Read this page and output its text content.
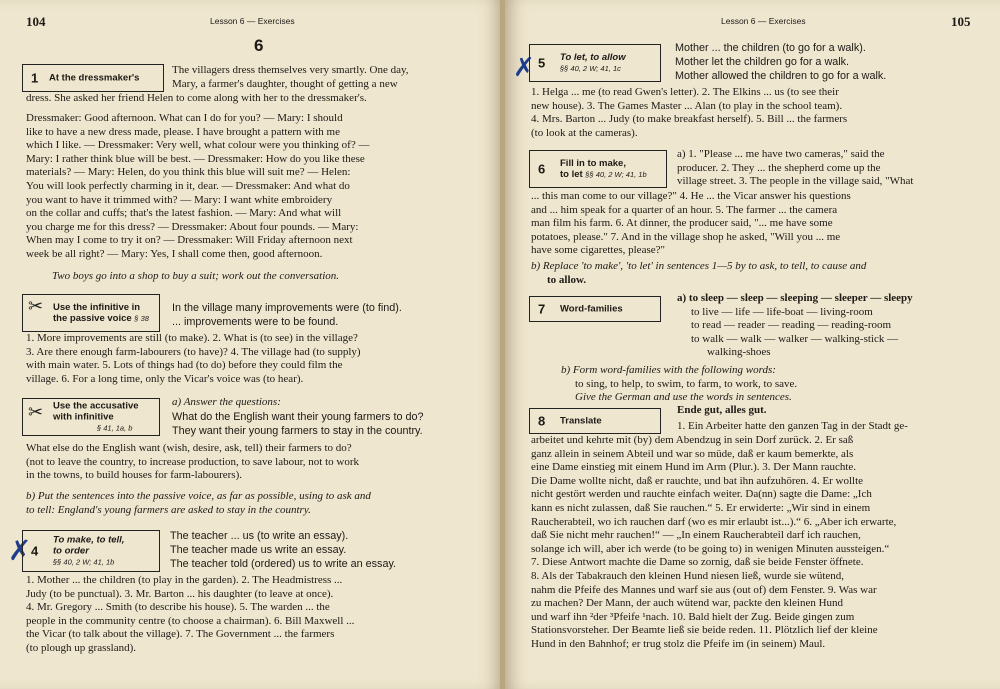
104	Lesson 6 — Exercises
6
1 At the dressmaker's
The villagers dress themselves very smartly. One day,
Mary, a farmer's daughter, thought of getting a new
dress. She asked her friend Helen to come along with her to the dressmaker's.
Dressmaker: Good afternoon. What can I do for you? — Mary: I should
like to have a new dress made, please. I have brought a pattern with me
which I like. — Dressmaker: Very well, what colour were you thinking of? —
Mary: I rather think blue will be best. — Dressmaker: How do you like these
materials? — Mary: Helen, do you think this blue will suit me? — Helen:
You will look perfectly charming in it, dear. — Dressmaker: And what do
you want to have it trimmed with? — Mary: I want white embroidery
on the collar and cuffs; that's the latest fashion. — Mary: And what will
you charge me for this dress? — Dressmaker: About four pounds. — Mary:
When may I come to try it on? — Dressmaker: Will Friday afternoon next
week be all right? — Mary: Yes, I shall come then, good afternoon.
Two boys go into a shop to buy a suit; work out the conversation.
✂ Use the infinitive in
the passive voice § 38
In the village many improvements were (to find).
... improvements were to be found.
1. More improvements are still (to make). 2. What is (to see) in the village?
3. Are there enough farm-labourers (to have)? 4. The village had (to supply)
with main water. 5. Lots of things had (to do) before they could film the
village. 6. For a long time, only the Vicar's voice was (to hear).
✂ Use the accusative
with infinitive
§ 41, 1a, b
a) Answer the questions:
What do the English want their young farmers to do?
They want their young farmers to stay in the country.
What else do the English want (wish, desire, ask, tell) their farmers to do?
(not to leave the country, to increase production, to save labour, not to work
in the towns, to build houses for farm-labourers).
b) Put the sentences into the passive voice, as far as possible, using to ask and
to tell: England's young farmers are asked to stay in the country.
✗ 4
To make, to tell,
to order
§§ 40, 2 W; 41, 1b
The teacher ... us (to write an essay).
The teacher made us write an essay.
The teacher told (ordered) us to write an essay.
1. Mother ... the children (to play in the garden). 2. The Headmistress ...
Judy (to be punctual). 3. Mr. Barton ... his daughter (to leave at once).
4. Mr. Gregory ... Smith (to describe his house). 5. The warden ... the
people in the community centre (to choose a chairman). 6. Bill Maxwell ...
the Vicar (to talk about the village). 7. The Government ... the farmers
(to plough up grassland).
Lesson 6 — Exercises	105
✗ 5 To let, to allow
§§ 40, 2 W; 41, 1c
Mother ... the children (to go for a walk).
Mother let the children go for a walk.
Mother allowed the children to go for a walk.
1. Helga ... me (to read Gwen's letter). 2. The Elkins ... us (to see their
new house). 3. The Games Master ... Alan (to play in the school team).
4. Mrs. Barton ... Judy (to make breakfast herself). 5. Bill ... the farmers
(to look at the cameras).
6 Fill in to make,
to let §§ 40, 2 W; 41, 1b
a) 1. "Please ... me have two cameras," said the
producer. 2. They ... the shepherd come up the
village street. 3. The people in the village said, "What
... this man come to our village?" 4. He ... the Vicar answer his questions
and ... him speak for a quarter of an hour. 5. The farmer ... the camera
man film his farm. 6. At dinner, the producer said, "... me have some
potatoes, please." 7. And in the village shop he asked, "Will you ... me
have some cigarettes, please?"
b) Replace 'to make', 'to let' in sentences 1—5 by to ask, to tell, to cause and
to allow.
7 Word-families
a) to sleep — sleep — sleeping — sleeper — sleepy
to live — life — life-boat — living-room
to read — reader — reading — reading-room
to walk — walk — walker — walking-stick —
walking-shoes
b) Form word-families with the following words:
to sing, to help, to swim, to farm, to work, to save.
Give the German and use the words in sentences.
8 Translate
Ende gut, alles gut.
1. Ein Arbeiter hatte den ganzen Tag in der Stadt ge-
arbeitet und kehrte mit (by) dem Abendzug in sein Dorf zurück. 2. Er saß
ganz allein in seinem Abteil und war so müde, daß er kaum bemerkte, als
eine Dame einstieg mit einem Hund im Arm (Plur.). 3. Der Mann rauchte.
Die Dame wollte nicht, daß er rauchte, und bat ihn aufzuhören. 4. Er wollte
nicht gestört werden und rauchte einfach weiter. Da(nn) sagte die Dame: „Ich
kann es nicht zulassen, daß Sie rauchen.“ 5. Er erwiderte: „Wir sind in einem
Raucherabteil, wo ich rauchen darf (wo es mir erlaubt ist...).“ 6. „Aber ich erwarte,
daß Sie nicht mehr rauchen!“ — „In einem Raucherabteil darf ich rauchen,
solange ich will, aber ich werde (to be going to) in wenigen Minuten aussteigen.“
7. Diese Antwort machte die Dame so zornig, daß sie beide Fenster öffnete.
8. Als der Tabakrauch den kleinen Hund niesen ließ, wurde sie wütend,
nahm die Pfeife des Mannes und warf sie aus (out of) dem Fenster. 9. Was war
zu machen? Der Mann, der auch wütend war, packte den kleinen Hund
und warf ihn ²der ³Pfeife ¹nach. 10. Bald hielt der Zug. Beide gingen zum
Stationsvorsteher. Der Beamte ließ sie beide reden. 11. Plötzlich lief der kleine
Hund in den Bahnhof; er trug stolz die Pfeife im (in seinem) Maul.
